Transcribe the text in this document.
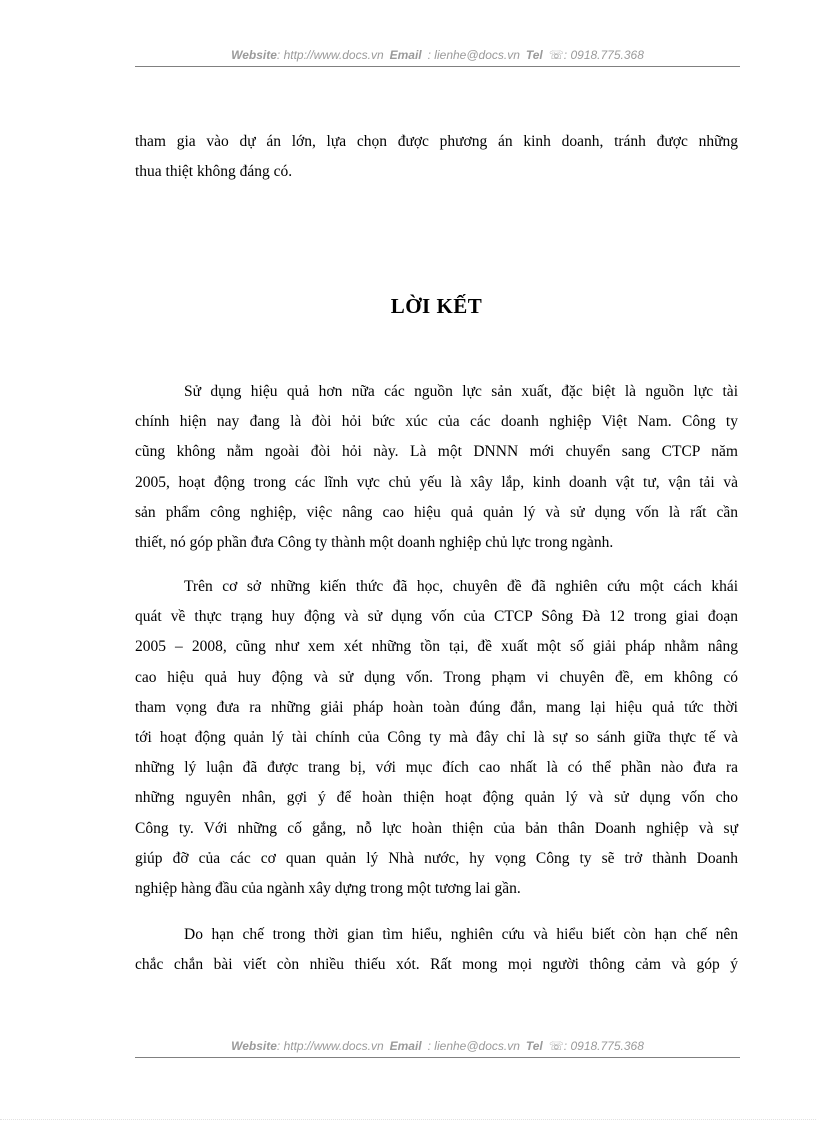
Website: http://www.docs.vn Email : lienhe@docs.vn Tel ☏: 0918.775.368
tham gia vào dự án lớn, lựa chọn được phương án kinh doanh, tránh được những
thua thiệt không đáng có.
LỜI KẾT
Sử dụng hiệu quả hơn nữa các nguồn lực sản xuất, đặc biệt là nguồn lực tài
chính hiện nay đang là đòi hỏi bức xúc của các doanh nghiệp Việt Nam. Công ty
cũng không nằm ngoài đòi hỏi này. Là một DNNN mới chuyển sang CTCP năm
2005, hoạt động trong các lĩnh vực chủ yếu là xây lắp, kinh doanh vật tư, vận tải và
sản phẩm công nghiệp, việc nâng cao hiệu quả quản lý và sử dụng vốn là rất cần
thiết, nó góp phần đưa Công ty thành một doanh nghiệp chủ lực trong ngành.
Trên cơ sở những kiến thức đã học, chuyên đề đã nghiên cứu một cách khái
quát về thực trạng huy động và sử dụng vốn của CTCP Sông Đà 12 trong giai đoạn
2005 – 2008, cũng như xem xét những tồn tại, đề xuất một số giải pháp nhằm nâng
cao hiệu quả huy động và sử dụng vốn. Trong phạm vi chuyên đề, em không có
tham vọng đưa ra những giải pháp hoàn toàn đúng đắn, mang lại hiệu quả tức thời
tới hoạt động quản lý tài chính của Công ty mà đây chỉ là sự so sánh giữa thực tế và
những lý luận đã được trang bị, với mục đích cao nhất là có thể phần nào đưa ra
những nguyên nhân, gợi ý để hoàn thiện hoạt động quản lý và sử dụng vốn cho
Công ty. Với những cố gắng, nỗ lực hoàn thiện của bản thân Doanh nghiệp và sự
giúp đỡ của các cơ quan quản lý Nhà nước, hy vọng Công ty sẽ trở thành Doanh
nghiệp hàng đầu của ngành xây dựng trong một tương lai gần.
Do hạn chế trong thời gian tìm hiểu, nghiên cứu và hiểu biết còn hạn chế nên
chắc chắn bài viết còn nhiều thiếu xót. Rất mong mọi người thông cảm và góp ý
Website: http://www.docs.vn Email : lienhe@docs.vn Tel ☏: 0918.775.368
